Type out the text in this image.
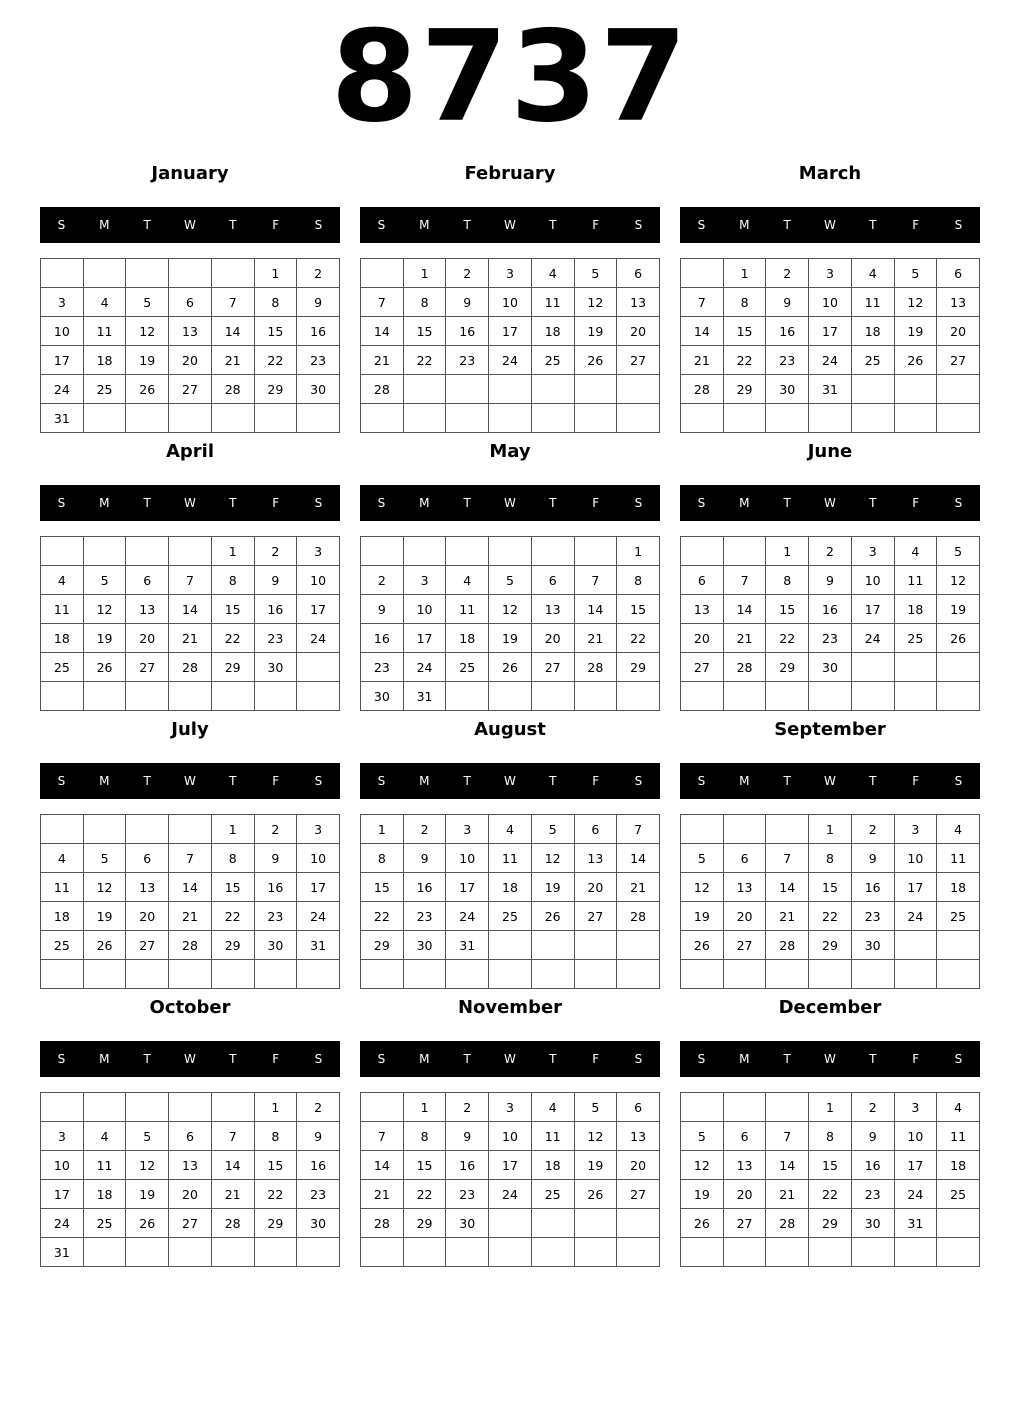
8737
January
S	M	T	W	T	F	S
					1	2
3	4	5	6	7	8	9
10	11	12	13	14	15	16
17	18	19	20	21	22	23
24	25	26	27	28	29	30
31						
February
S	M	T	W	T	F	S
	1	2	3	4	5	6
7	8	9	10	11	12	13
14	15	16	17	18	19	20
21	22	23	24	25	26	27
28						

March
S	M	T	W	T	F	S
	1	2	3	4	5	6
7	8	9	10	11	12	13
14	15	16	17	18	19	20
21	22	23	24	25	26	27
28	29	30	31			

April
S	M	T	W	T	F	S
				1	2	3
4	5	6	7	8	9	10
11	12	13	14	15	16	17
18	19	20	21	22	23	24
25	26	27	28	29	30	

May
S	M	T	W	T	F	S
						1
2	3	4	5	6	7	8
9	10	11	12	13	14	15
16	17	18	19	20	21	22
23	24	25	26	27	28	29
30	31					
June
S	M	T	W	T	F	S
		1	2	3	4	5
6	7	8	9	10	11	12
13	14	15	16	17	18	19
20	21	22	23	24	25	26
27	28	29	30			

July
S	M	T	W	T	F	S
				1	2	3
4	5	6	7	8	9	10
11	12	13	14	15	16	17
18	19	20	21	22	23	24
25	26	27	28	29	30	31

August
S	M	T	W	T	F	S
1	2	3	4	5	6	7
8	9	10	11	12	13	14
15	16	17	18	19	20	21
22	23	24	25	26	27	28
29	30	31				

September
S	M	T	W	T	F	S
			1	2	3	4
5	6	7	8	9	10	11
12	13	14	15	16	17	18
19	20	21	22	23	24	25
26	27	28	29	30		

October
S	M	T	W	T	F	S
					1	2
3	4	5	6	7	8	9
10	11	12	13	14	15	16
17	18	19	20	21	22	23
24	25	26	27	28	29	30
31						
November
S	M	T	W	T	F	S
	1	2	3	4	5	6
7	8	9	10	11	12	13
14	15	16	17	18	19	20
21	22	23	24	25	26	27
28	29	30				

December
S	M	T	W	T	F	S
			1	2	3	4
5	6	7	8	9	10	11
12	13	14	15	16	17	18
19	20	21	22	23	24	25
26	27	28	29	30	31	
